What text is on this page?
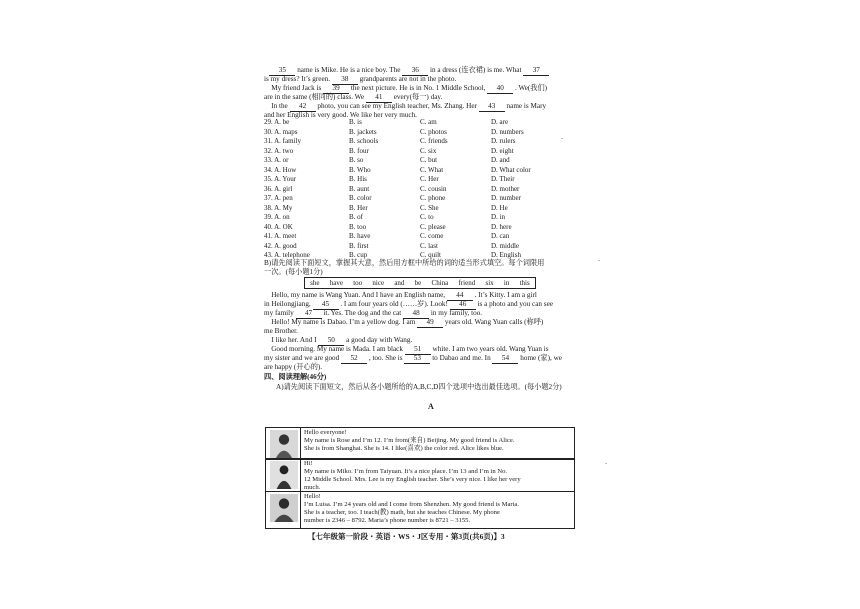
35 name is Mike. He is a nice boy. The 36 in a dress (连衣裙) is me. What 37
is my dress? It’s green. 38 grandparents are not in the photo.
My friend Jack is 39 the next picture. He is in No. 1 Middle School, 40 . We(我们)
are in the same (相同的) class. We 41 every(每一) day.
In the 42 photo, you can see my English teacher, Ms. Zhang. Her 43 name is Mary
and her English is very good. We like her very much.
29. A. be	B. is	C. am	D. are
30. A. maps	B. jackets	C. photos	D. numbers
31. A. family	B. schools	C. friends	D. rulers
32. A. two	B. four	C. six	D. eight
33. A. or	B. so	C. but	D. and
34. A. How	B. Who	C. What	D. What color
35. A. Your	B. His	C. Her	D. Their
36. A. girl	B. aunt	C. cousin	D. mother
37. A. pen	B. color	C. phone	D. number
38. A. My	B. Her	C. She	D. He
39. A. on	B. of	C. to	D. in
40. A. OK	B. too	C. please	D. here
41. A. meet	B. have	C. come	D. can
42. A. good	B. first	C. last	D. middle
43. A. telephone	B. cup	C. quilt	D. English
B)请先阅读下面短文，掌握其大意，然后用方框中所给的词的适当形式填空。每个词限用
一次。(每小题1分)
she have too nice and be China friend six in this
Hello, my name is Wang Yuan. And I have an English name, 44 . It’s Kitty. I am a girl
in Heilongjiang, 45 . I am four years old (……岁). Look! 46 is a photo and you can see
my family 47 it. Yes. The dog and the cat 48 in my family, too.
Hello! My name is Dabao. I’m a yellow dog. I am 49 years old. Wang Yuan calls (称呼)
me Brother.
I like her. And I 50 a good day with Wang.
Good morning. My name is Mada. I am black 51 white. I am two years old. Wang Yuan is
my sister and we are good 52 , too. She is 53 to Dabao and me. In 54 home (家), we
are happy (开心的).
四、阅读理解(46分)
A)请先阅读下面短文，然后从各小题所给的A,B,C,D四个选项中选出最佳选项。(每小题2分)
A
Hello everyone!
My name is Rose and I’m 12. I’m from(来自) Beijing. My good friend is Alice.
She is from Shanghai. She is 14. I like(喜欢) the color red. Alice likes blue.
Hi!
My name is Miko. I’m from Taiyuan. It’s a nice place. I’m 13 and I’m in No.
12 Middle School. Mrs. Lee is my English teacher. She’s very nice. I like her very
much.
【七年级第一阶段・英语・WS・J区专用・第3页(共6页)】3
Hello!
I’m Luisa. I’m 24 years old and I come from Shenzhen. My good friend is Maria.
She is a teacher, too. I teach(教) math, but she teaches Chinese. My phone
number is 2346 – 8792. Maria’s phone number is 8721 – 3155.
